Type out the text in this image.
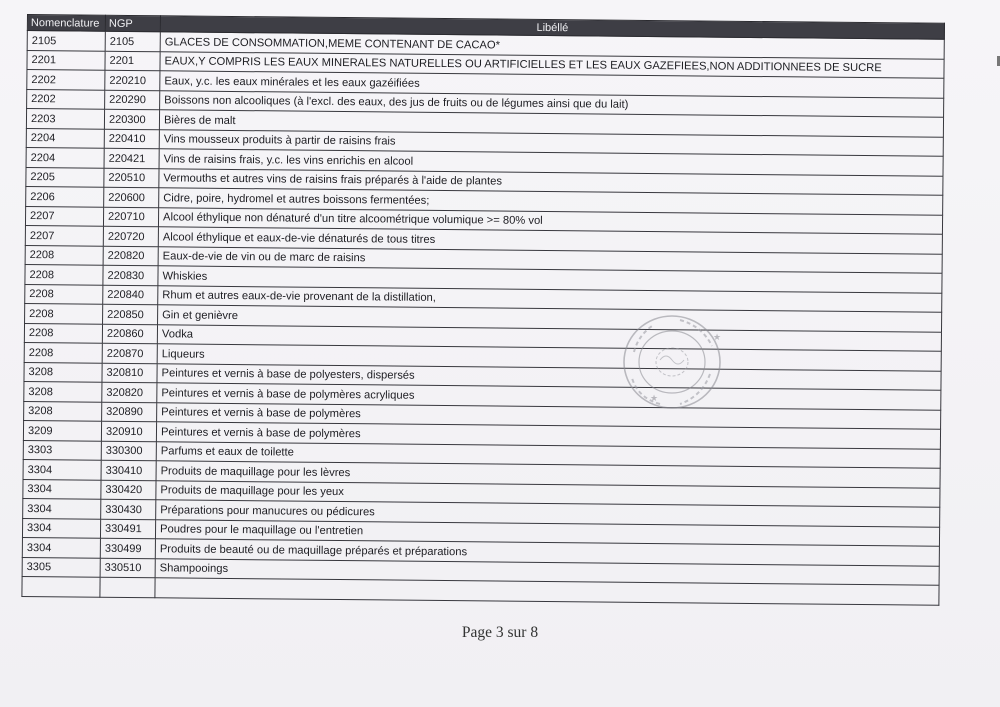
Nomenclature	NGP	Libéllé
2105	2105	GLACES DE CONSOMMATION,MEME CONTENANT DE CACAO*
2201	2201	EAUX,Y COMPRIS LES EAUX MINERALES NATURELLES OU ARTIFICIELLES ET LES EAUX GAZEFIEES,NON ADDITIONNEES DE SUCRE
2202	220210	Eaux, y.c. les eaux minérales et les eaux gazéifiées
2202	220290	Boissons non alcooliques (à l'excl. des eaux, des jus de fruits ou de légumes ainsi que du lait)
2203	220300	Bières de malt
2204	220410	Vins mousseux produits à partir de raisins frais
2204	220421	Vins de raisins frais, y.c. les vins enrichis en alcool
2205	220510	Vermouths et autres vins de raisins frais préparés à l'aide de plantes
2206	220600	Cidre, poire, hydromel et autres boissons fermentées;
2207	220710	Alcool éthylique non dénaturé d'un titre alcoométrique volumique >= 80% vol
2207	220720	Alcool éthylique et eaux-de-vie dénaturés de tous titres
2208	220820	Eaux-de-vie de vin ou de marc de raisins
2208	220830	Whiskies
2208	220840	Rhum et autres eaux-de-vie provenant de la distillation,
2208	220850	Gin et genièvre
2208	220860	Vodka
2208	220870	Liqueurs
3208	320810	Peintures et vernis à base de polyesters, dispersés
3208	320820	Peintures et vernis à base de polymères acryliques
3208	320890	Peintures et vernis à base de polymères
3209	320910	Peintures et vernis à base de polymères
3303	330300	Parfums et eaux de toilette
3304	330410	Produits de maquillage pour les lèvres
3304	330420	Produits de maquillage pour les yeux
3304	330430	Préparations pour manucures ou pédicures
3304	330491	Poudres pour le maquillage ou l'entretien
3304	330499	Produits de beauté ou de maquillage préparés et préparations
3305	330510	Shampooings

★
★
Page 3 sur 8
